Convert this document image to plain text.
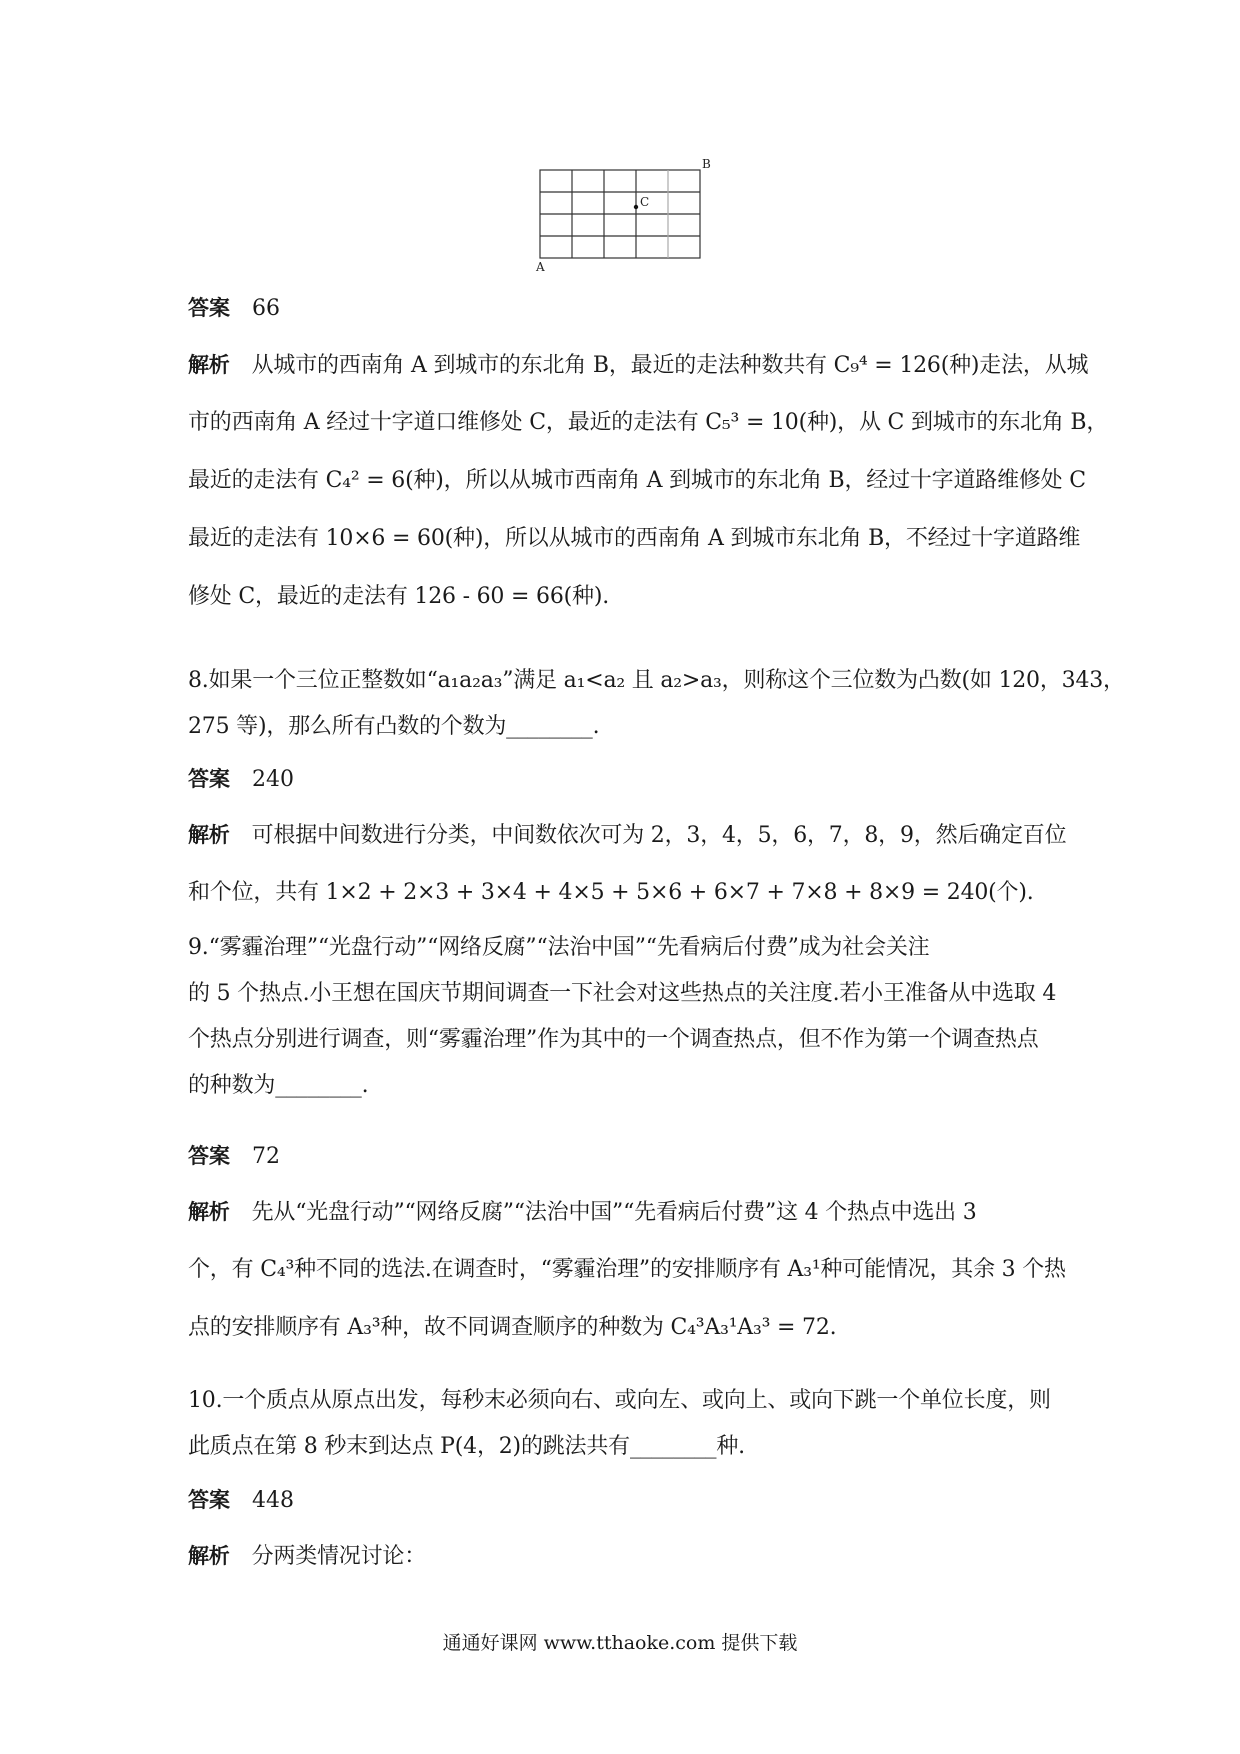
A
B
C
答案 66
解析 从城市的西南角 A 到城市的东北角 B，最近的走法种数共有 C₉⁴ = 126(种)走法，从城
市的西南角 A 经过十字道口维修处 C，最近的走法有 C₅³ = 10(种)，从 C 到城市的东北角 B，
最近的走法有 C₄² = 6(种)，所以从城市西南角 A 到城市的东北角 B，经过十字道路维修处 C
最近的走法有 10×6 = 60(种)，所以从城市的西南角 A 到城市东北角 B，不经过十字道路维
修处 C，最近的走法有 126 - 60 = 66(种).
8.如果一个三位正整数如“a₁a₂a₃”满足 a₁<a₂ 且 a₂>a₃，则称这个三位数为凸数(如 120，343，
275 等)，那么所有凸数的个数为________.
答案 240
解析 可根据中间数进行分类，中间数依次可为 2，3，4，5，6，7，8，9，然后确定百位
和个位，共有 1×2 + 2×3 + 3×4 + 4×5 + 5×6 + 6×7 + 7×8 + 8×9 = 240(个).
9.“雾霾治理”“光盘行动”“网络反腐”“法治中国”“先看病后付费”成为社会关注
的 5 个热点.小王想在国庆节期间调查一下社会对这些热点的关注度.若小王准备从中选取 4
个热点分别进行调查，则“雾霾治理”作为其中的一个调查热点，但不作为第一个调查热点
的种数为________.
答案 72
解析 先从“光盘行动”“网络反腐”“法治中国”“先看病后付费”这 4 个热点中选出 3
个，有 C₄³种不同的选法.在调查时，“雾霾治理”的安排顺序有 A₃¹种可能情况，其余 3 个热
点的安排顺序有 A₃³种，故不同调查顺序的种数为 C₄³A₃¹A₃³ = 72.
10.一个质点从原点出发，每秒末必须向右、或向左、或向上、或向下跳一个单位长度，则
此质点在第 8 秒末到达点 P(4，2)的跳法共有________种.
答案 448
解析 分两类情况讨论：
通通好课网 www.tthaoke.com 提供下载
